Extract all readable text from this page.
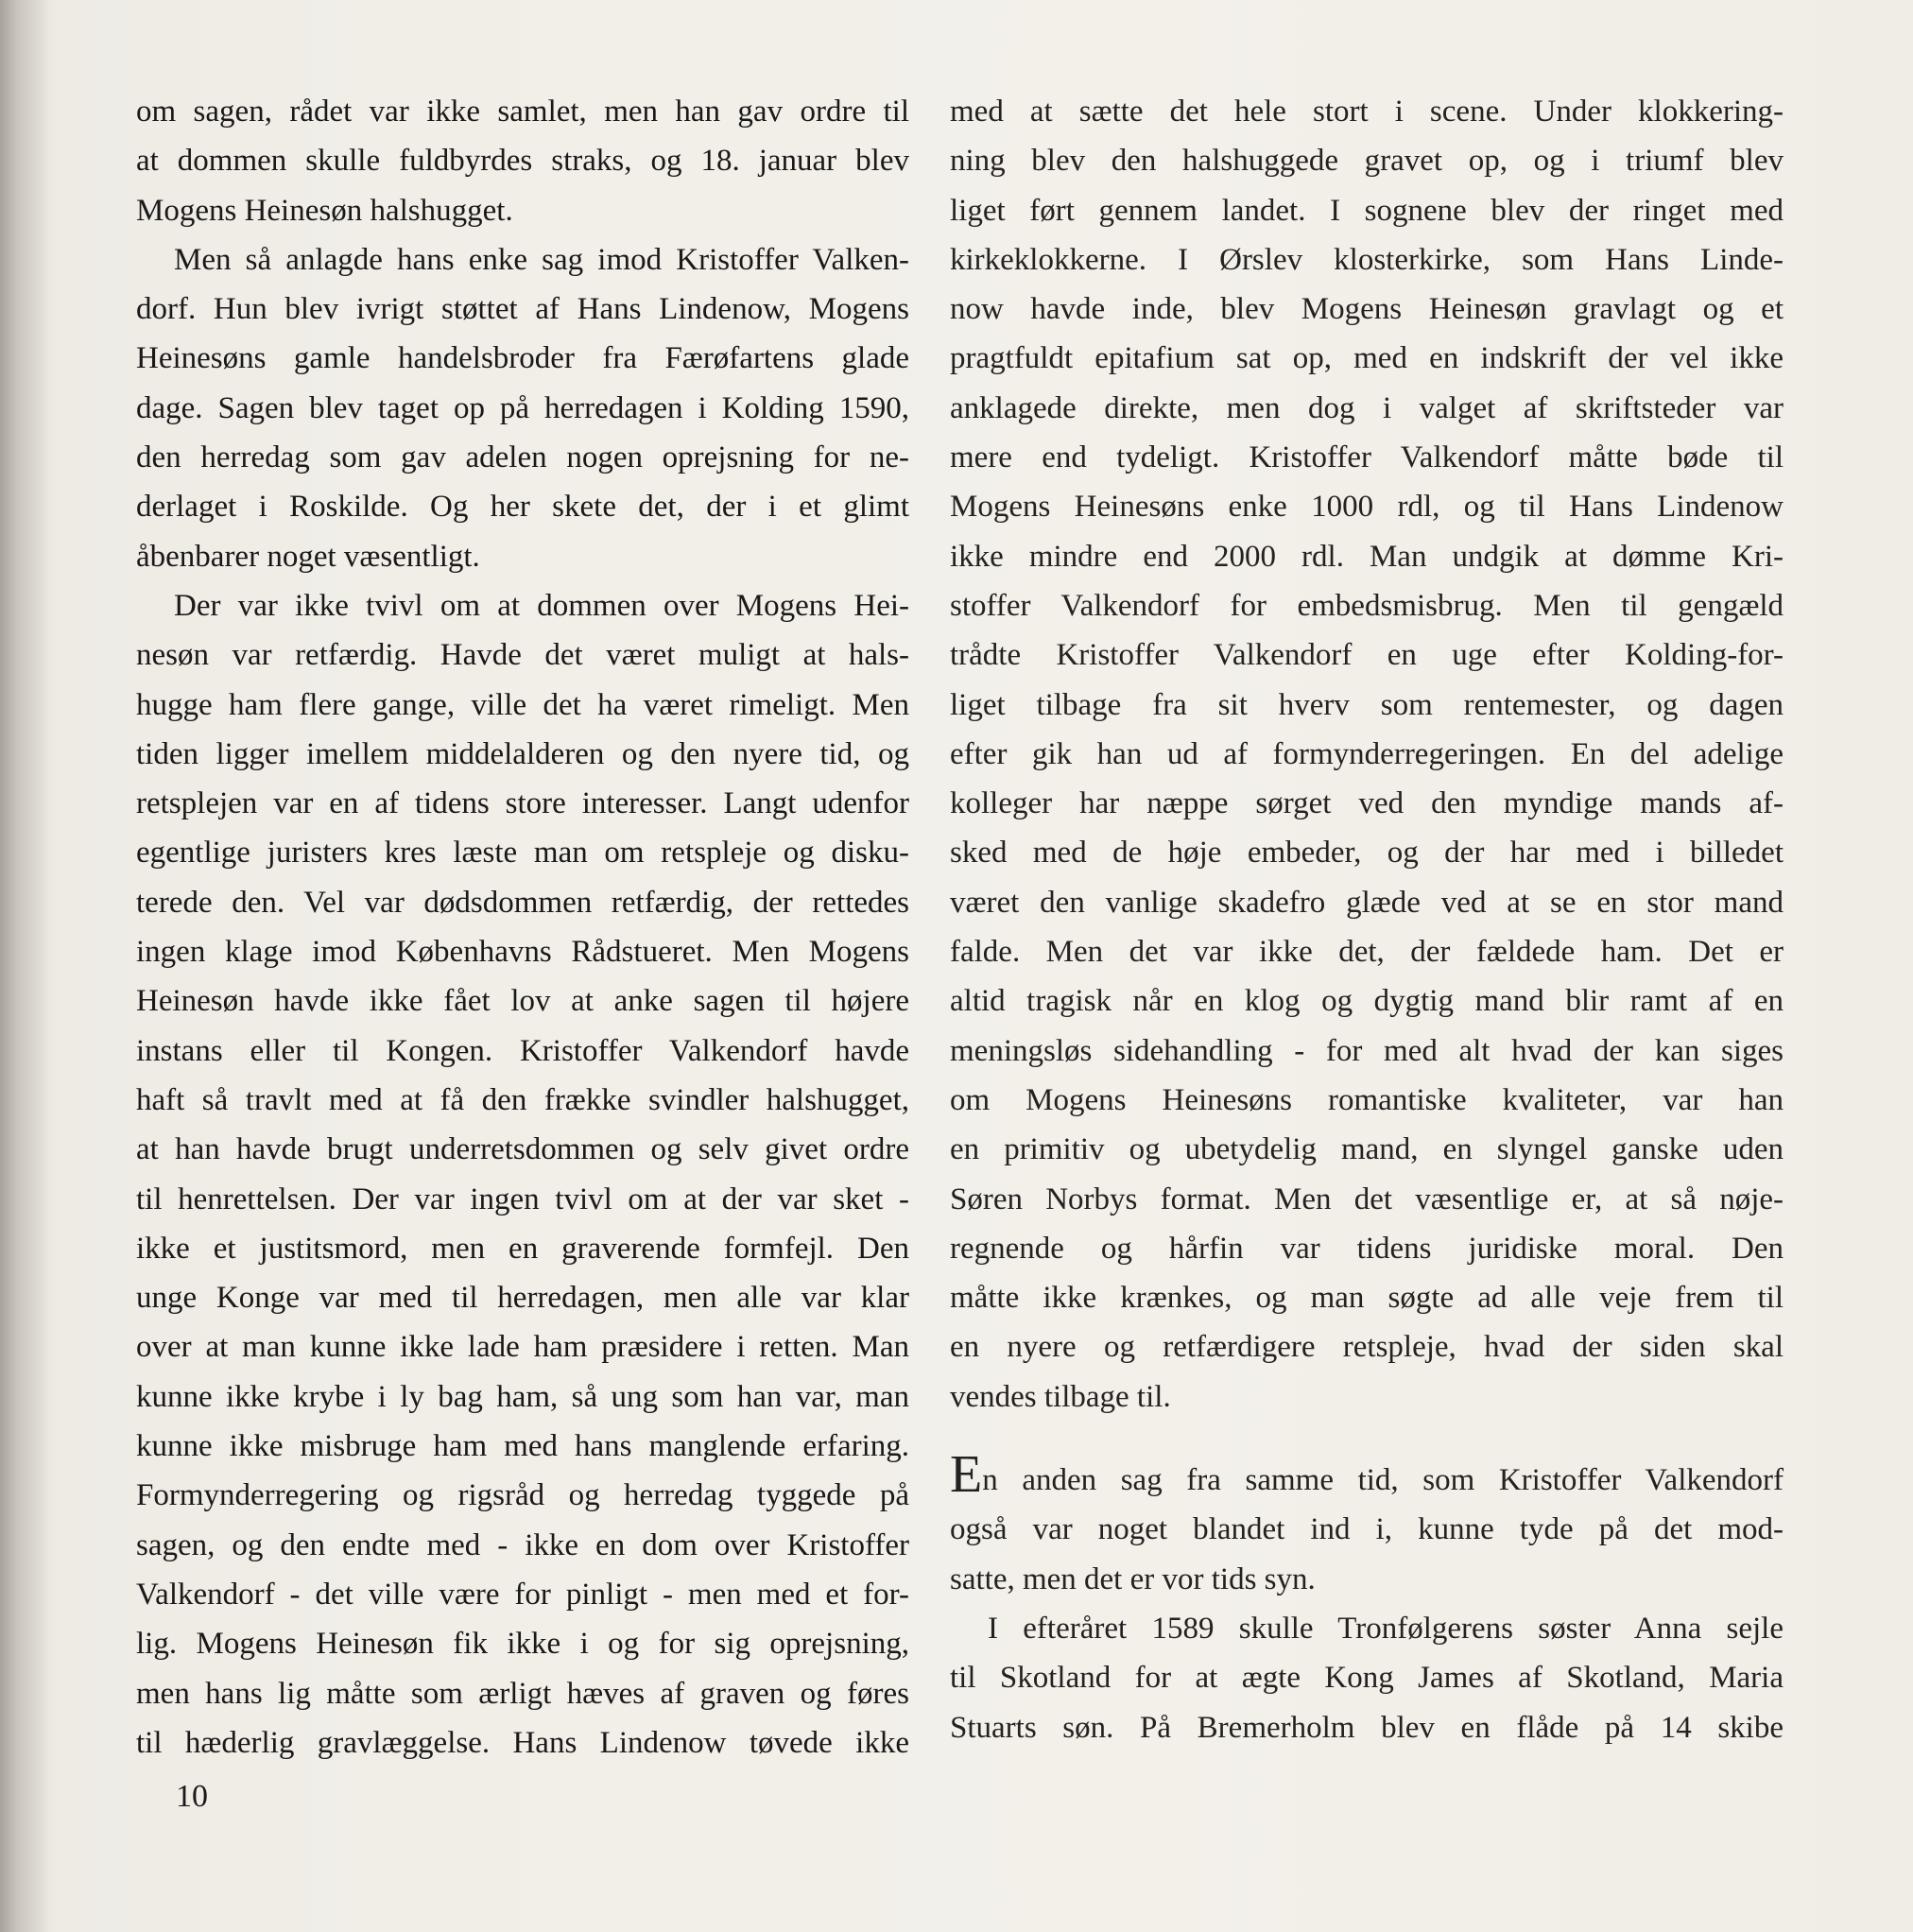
om sagen, rådet var ikke samlet, men han gav ordre til
at dommen skulle fuldbyrdes straks, og 18. januar blev
Mogens Heinesøn halshugget.
Men så anlagde hans enke sag imod Kristoffer Valken-
dorf. Hun blev ivrigt støttet af Hans Lindenow, Mogens
Heinesøns gamle handelsbroder fra Færøfartens glade
dage. Sagen blev taget op på herredagen i Kolding 1590,
den herredag som gav adelen nogen oprejsning for ne-
derlaget i Roskilde. Og her skete det, der i et glimt
åbenbarer noget væsentligt.
Der var ikke tvivl om at dommen over Mogens Hei-
nesøn var retfærdig. Havde det været muligt at hals-
hugge ham flere gange, ville det ha været rimeligt. Men
tiden ligger imellem middelalderen og den nyere tid, og
retsplejen var en af tidens store interesser. Langt udenfor
egentlige juristers kres læste man om retspleje og disku-
terede den. Vel var dødsdommen retfærdig, der rettedes
ingen klage imod Københavns Rådstueret. Men Mogens
Heinesøn havde ikke fået lov at anke sagen til højere
instans eller til Kongen. Kristoffer Valkendorf havde
haft så travlt med at få den frække svindler halshugget,
at han havde brugt underretsdommen og selv givet ordre
til henrettelsen. Der var ingen tvivl om at der var sket -
ikke et justitsmord, men en graverende formfejl. Den
unge Konge var med til herredagen, men alle var klar
over at man kunne ikke lade ham præsidere i retten. Man
kunne ikke krybe i ly bag ham, så ung som han var, man
kunne ikke misbruge ham med hans manglende erfaring.
Formynderregering og rigsråd og herredag tyggede på
sagen, og den endte med - ikke en dom over Kristoffer
Valkendorf - det ville være for pinligt - men med et for-
lig. Mogens Heinesøn fik ikke i og for sig oprejsning,
men hans lig måtte som ærligt hæves af graven og føres
til hæderlig gravlæggelse. Hans Lindenow tøvede ikke
med at sætte det hele stort i scene. Under klokkering-
ning blev den halshuggede gravet op, og i triumf blev
liget ført gennem landet. I sognene blev der ringet med
kirkeklokkerne. I Ørslev klosterkirke, som Hans Linde-
now havde inde, blev Mogens Heinesøn gravlagt og et
pragtfuldt epitafium sat op, med en indskrift der vel ikke
anklagede direkte, men dog i valget af skriftsteder var
mere end tydeligt. Kristoffer Valkendorf måtte bøde til
Mogens Heinesøns enke 1000 rdl, og til Hans Lindenow
ikke mindre end 2000 rdl. Man undgik at dømme Kri-
stoffer Valkendorf for embedsmisbrug. Men til gengæld
trådte Kristoffer Valkendorf en uge efter Kolding-for-
liget tilbage fra sit hverv som rentemester, og dagen
efter gik han ud af formynderregeringen. En del adelige
kolleger har næppe sørget ved den myndige mands af-
sked med de høje embeder, og der har med i billedet
været den vanlige skadefro glæde ved at se en stor mand
falde. Men det var ikke det, der fældede ham. Det er
altid tragisk når en klog og dygtig mand blir ramt af en
meningsløs sidehandling - for med alt hvad der kan siges
om Mogens Heinesøns romantiske kvaliteter, var han
en primitiv og ubetydelig mand, en slyngel ganske uden
Søren Norbys format. Men det væsentlige er, at så nøje-
regnende og hårfin var tidens juridiske moral. Den
måtte ikke krænkes, og man søgte ad alle veje frem til
en nyere og retfærdigere retspleje, hvad der siden skal
vendes tilbage til.
En anden sag fra samme tid, som Kristoffer Valkendorf
også var noget blandet ind i, kunne tyde på det mod-
satte, men det er vor tids syn.
I efteråret 1589 skulle Tronfølgerens søster Anna sejle
til Skotland for at ægte Kong James af Skotland, Maria
Stuarts søn. På Bremerholm blev en flåde på 14 skibe
10
